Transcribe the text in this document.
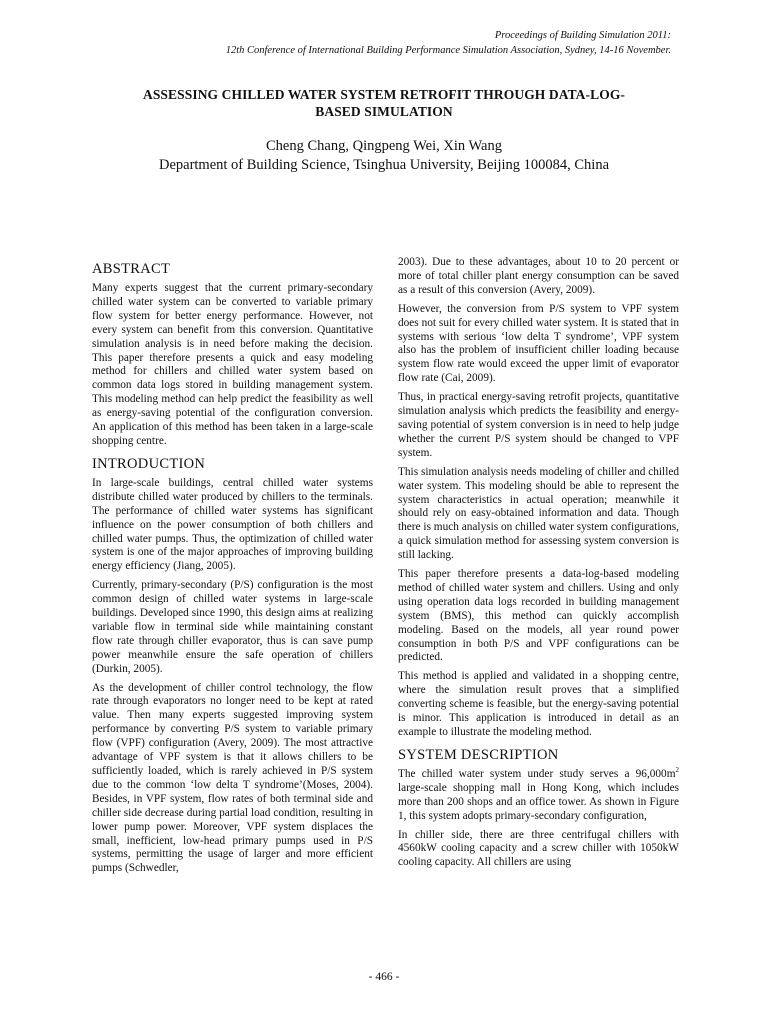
Proceedings of Building Simulation 2011:
12th Conference of International Building Performance Simulation Association, Sydney, 14-16 November.
ASSESSING CHILLED WATER SYSTEM RETROFIT THROUGH DATA-LOG-
BASED SIMULATION
Cheng Chang, Qingpeng Wei, Xin Wang
Department of Building Science, Tsinghua University, Beijing 100084, China
ABSTRACT

Many experts suggest that the current primary-secondary chilled water system can be converted to variable primary flow system for better energy performance. However, not every system can benefit from this conversion. Quantitative simulation analysis is in need before making the decision. This paper therefore presents a quick and easy modeling method for chillers and chilled water system based on common data logs stored in building management system. This modeling method can help predict the feasibility as well as energy-saving potential of the configuration conversion. An application of this method has been taken in a large-scale shopping centre.

INTRODUCTION

In large-scale buildings, central chilled water systems distribute chilled water produced by chillers to the terminals. The performance of chilled water systems has significant influence on the power consumption of both chillers and chilled water pumps. Thus, the optimization of chilled water system is one of the major approaches of improving building energy efficiency (Jiang, 2005).

Currently, primary-secondary (P/S) configuration is the most common design of chilled water systems in large-scale buildings. Developed since 1990, this design aims at realizing variable flow in terminal side while maintaining constant flow rate through chiller evaporator, thus is can save pump power meanwhile ensure the safe operation of chillers (Durkin, 2005).

As the development of chiller control technology, the flow rate through evaporators no longer need to be kept at rated value. Then many experts suggested improving system performance by converting P/S system to variable primary flow (VPF) configuration (Avery, 2009). The most attractive advantage of VPF system is that it allows chillers to be sufficiently loaded, which is rarely achieved in P/S system due to the common ‘low delta T syndrome’(Moses, 2004). Besides, in VPF system, flow rates of both terminal side and chiller side decrease during partial load condition, resulting in lower pump power. Moreover, VPF system displaces the small, inefficient, low-head primary pumps used in P/S systems, permitting the usage of larger and more efficient pumps (Schwedler,

2003). Due to these advantages, about 10 to 20 percent or more of total chiller plant energy consumption can be saved as a result of this conversion (Avery, 2009).

However, the conversion from P/S system to VPF system does not suit for every chilled water system. It is stated that in systems with serious ‘low delta T syndrome’, VPF system also has the problem of insufficient chiller loading because system flow rate would exceed the upper limit of evaporator flow rate (Cai, 2009).

Thus, in practical energy-saving retrofit projects, quantitative simulation analysis which predicts the feasibility and energy-saving potential of system conversion is in need to help judge whether the current P/S system should be changed to VPF system.

This simulation analysis needs modeling of chiller and chilled water system. This modeling should be able to represent the system characteristics in actual operation; meanwhile it should rely on easy-obtained information and data. Though there is much analysis on chilled water system configurations, a quick simulation method for assessing system conversion is still lacking.

This paper therefore presents a data-log-based modeling method of chilled water system and chillers. Using and only using operation data logs recorded in building management system (BMS), this method can quickly accomplish modeling. Based on the models, all year round power consumption in both P/S and VPF configurations can be predicted.

This method is applied and validated in a shopping centre, where the simulation result proves that a simplified converting scheme is feasible, but the energy-saving potential is minor. This application is introduced in detail as an example to illustrate the modeling method.

SYSTEM DESCRIPTION

The chilled water system under study serves a $96,000m^2$ large-scale shopping mall in Hong Kong, which includes more than 200 shops and an office tower. As shown in Figure 1, this system adopts primary-secondary configuration,

In chiller side, there are three centrifugal chillers with 4560kW cooling capacity and a screw chiller with 1050kW cooling capacity. All chillers are using

- 466 -
